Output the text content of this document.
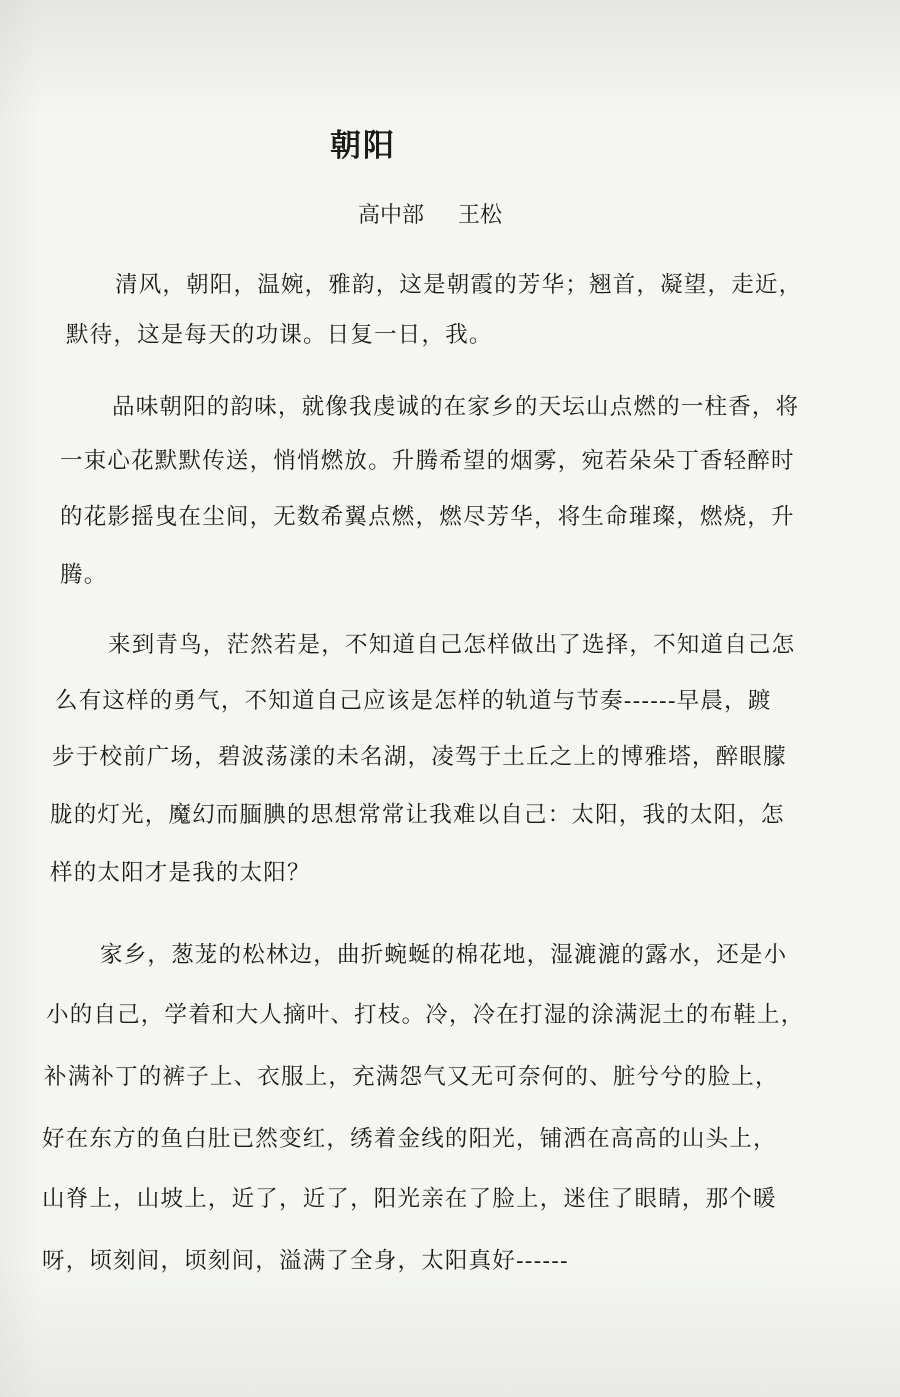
朝阳
高中部 王松
清风，朝阳，温婉，雅韵，这是朝霞的芳华；翘首，凝望，走近，
默待，这是每天的功课。日复一日，我。
品味朝阳的韵味，就像我虔诚的在家乡的天坛山点燃的一柱香，将
一束心花默默传送，悄悄燃放。升腾希望的烟雾，宛若朵朵丁香轻醉时
的花影摇曳在尘间，无数希翼点燃，燃尽芳华，将生命璀璨，燃烧，升
腾。
来到青鸟，茫然若是，不知道自己怎样做出了选择，不知道自己怎
么有这样的勇气，不知道自己应该是怎样的轨道与节奏------早晨，踱
步于校前广场，碧波荡漾的未名湖，凌驾于土丘之上的博雅塔，醉眼朦
胧的灯光，魔幻而腼腆的思想常常让我难以自己：太阳，我的太阳，怎
样的太阳才是我的太阳？
家乡，葱茏的松林边，曲折蜿蜒的棉花地，湿漉漉的露水，还是小
小的自己，学着和大人摘叶、打枝。冷，冷在打湿的涂满泥土的布鞋上，
补满补丁的裤子上、衣服上，充满怨气又无可奈何的、脏兮兮的脸上，
好在东方的鱼白肚已然变红，绣着金线的阳光，铺洒在高高的山头上，
山脊上，山坡上，近了，近了，阳光亲在了脸上，迷住了眼睛，那个暖
呀，顷刻间，顷刻间，溢满了全身，太阳真好------
